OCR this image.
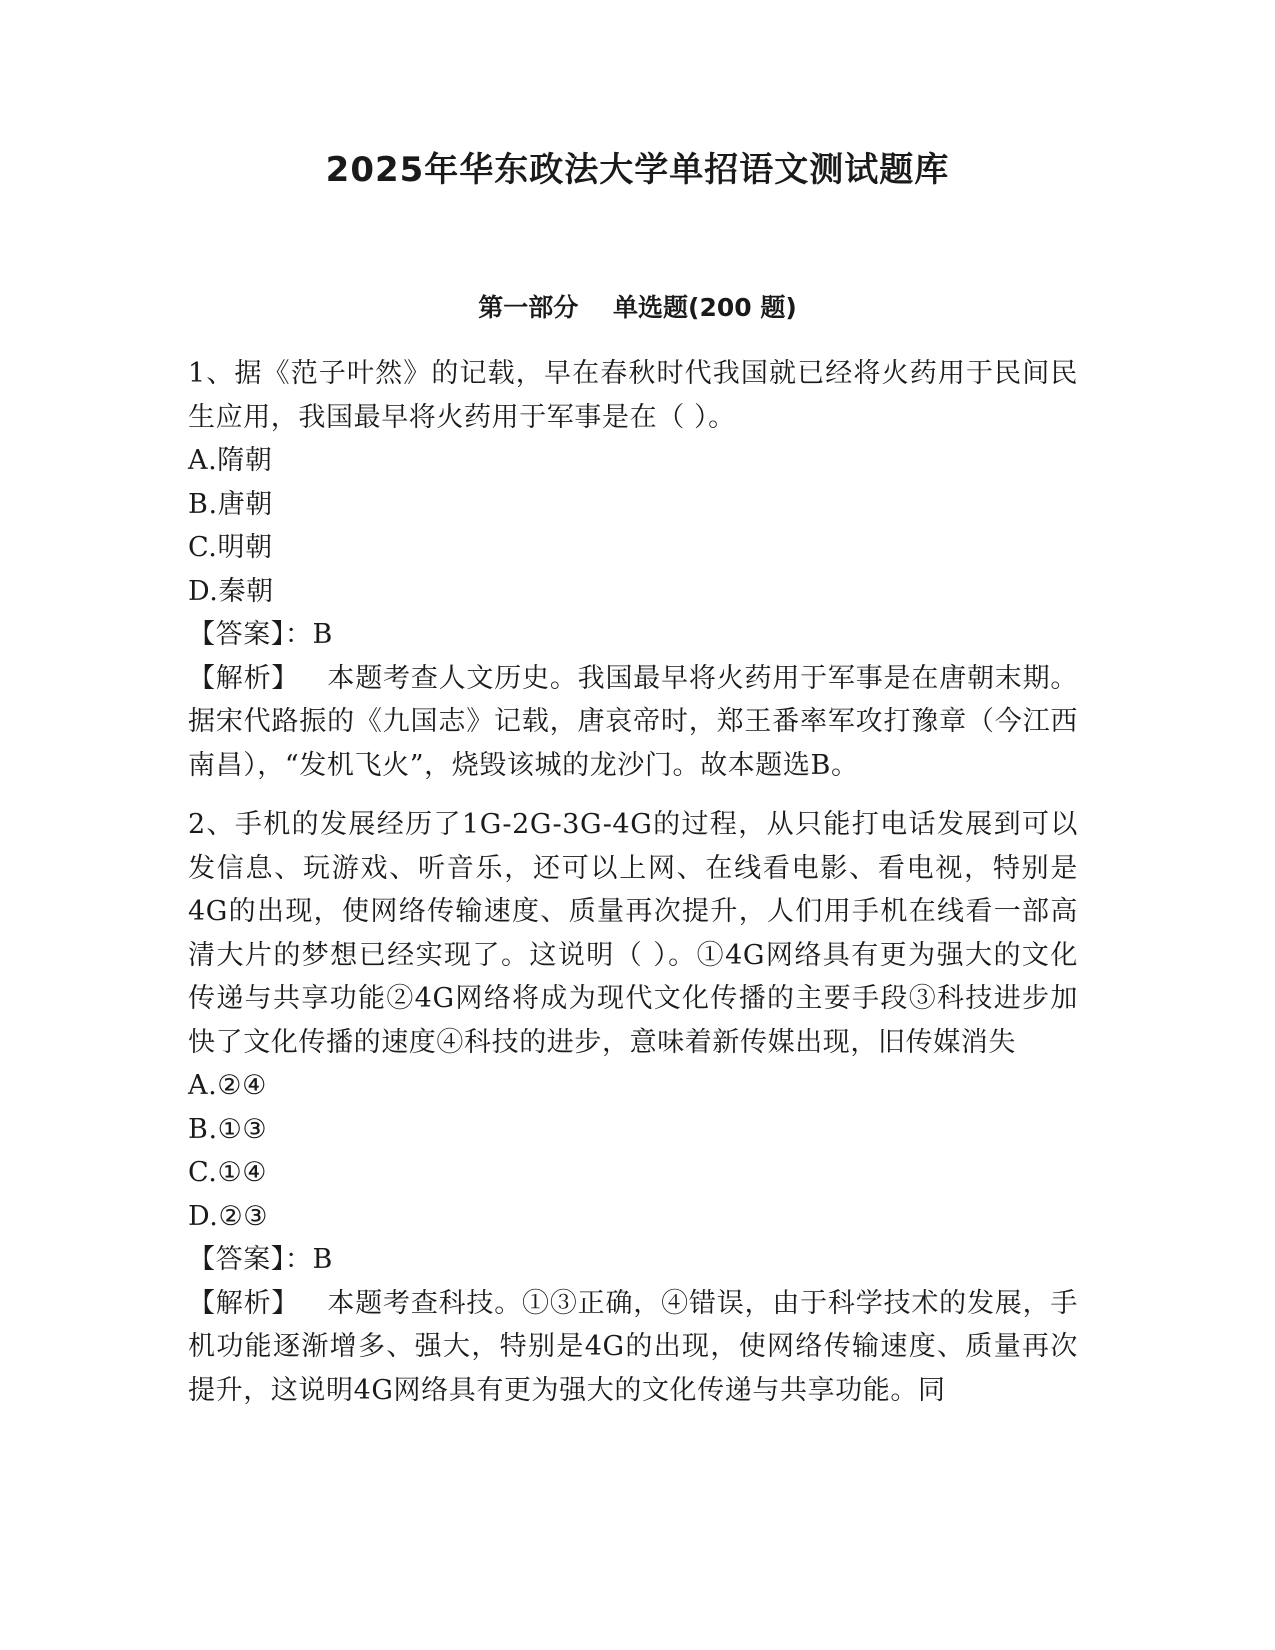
2025年华东政法大学单招语文测试题库
第一部分    单选题(200 题)

1、据《范子叶然》的记载，早在春秋时代我国就已经将火药用于民间民生应用，我国最早将火药用于军事是在（ ）。

A.隋朝

B.唐朝

C.明朝

D.秦朝

【答案】：B

【解析】   本题考查人文历史。我国最早将火药用于军事是在唐朝末期。据宋代路振的《九国志》记载，唐哀帝时，郑王番率军攻打豫章（今江西南昌），“发机飞火”，烧毁该城的龙沙门。故本题选B。

2、手机的发展经历了1G-2G-3G-4G的过程，从只能打电话发展到可以发信息、玩游戏、听音乐，还可以上网、在线看电影、看电视，特别是4G的出现，使网络传输速度、质量再次提升，人们用手机在线看一部高清大片的梦想已经实现了。这说明（ ）。①4G网络具有更为强大的文化传递与共享功能②4G网络将成为现代文化传播的主要手段③科技进步加快了文化传播的速度④科技的进步，意味着新传媒出现，旧传媒消失

A.②④

B.①③

C.①④

D.②③

【答案】：B

【解析】   本题考查科技。①③正确，④错误，由于科学技术的发展，手机功能逐渐增多、强大，特别是4G的出现，使网络传输速度、质量再次提升，这说明4G网络具有更为强大的文化传递与共享功能。同
